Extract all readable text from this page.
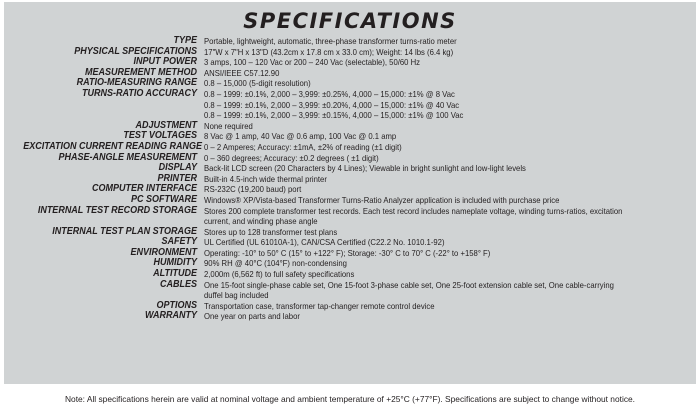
SPECIFICATIONS
TYPE Portable, lightweight, automatic, three-phase transformer turns-ratio meter
PHYSICAL SPECIFICATIONS 17"W x 7"H x 13"D (43.2cm x 17.8 cm x 33.0 cm); Weight: 14 lbs (6.4 kg)
INPUT POWER 3 amps, 100 – 120 Vac or 200 – 240 Vac (selectable), 50/60 Hz
MEASUREMENT METHOD ANSI/IEEE C57.12.90
RATIO-MEASURING RANGE 0.8 – 15,000 (5-digit resolution)
TURNS-RATIO ACCURACY 0.8 – 1999: ±0.1%, 2,000 – 3,999: ±0.25%, 4,000 – 15,000: ±1% @ 8 Vac
0.8 – 1999: ±0.1%, 2,000 – 3,999: ±0.20%, 4,000 – 15,000: ±1% @ 40 Vac
0.8 – 1999: ±0.1%, 2,000 – 3,999: ±0.15%, 4,000 – 15,000: ±1% @ 100 Vac
ADJUSTMENT None required
TEST VOLTAGES 8 Vac @ 1 amp, 40 Vac @ 0.6 amp, 100 Vac @ 0.1 amp
EXCITATION CURRENT READING RANGE 0 – 2 Amperes; Accuracy: ±1mA, ±2% of reading (±1 digit)
PHASE-ANGLE MEASUREMENT 0 – 360 degrees; Accuracy: ±0.2 degrees ( ±1 digit)
DISPLAY Back-lit LCD screen (20 Characters by 4 Lines); Viewable in bright sunlight and low-light levels
PRINTER Built-in 4.5-inch wide thermal printer
COMPUTER INTERFACE RS-232C (19,200 baud) port
PC SOFTWARE Windows® XP/Vista-based Transformer Turns-Ratio Analyzer application is included with purchase price
INTERNAL TEST RECORD STORAGE Stores 200 complete transformer test records. Each test record includes nameplate voltage, winding turns-ratios, excitation
current, and winding phase angle
INTERNAL TEST PLAN STORAGE Stores up to 128 transformer test plans
SAFETY UL Certified (UL 61010A-1), CAN/CSA Certified (C22.2 No. 1010.1-92)
ENVIRONMENT Operating: -10° to 50° C (15° to +122° F); Storage: -30° C to 70° C (-22° to +158° F)
HUMIDITY 90% RH @ 40°C (104°F) non-condensing
ALTITUDE 2,000m (6,562 ft) to full safety specifications
CABLES One 15-foot single-phase cable set, One 15-foot 3-phase cable set, One 25-foot extension cable set, One cable-carrying
duffel bag included
OPTIONS Transportation case, transformer tap-changer remote control device
WARRANTY One year on parts and labor
Note: All specifications herein are valid at nominal voltage and ambient temperature of +25°C (+77°F). Specifications are subject to change without notice.
